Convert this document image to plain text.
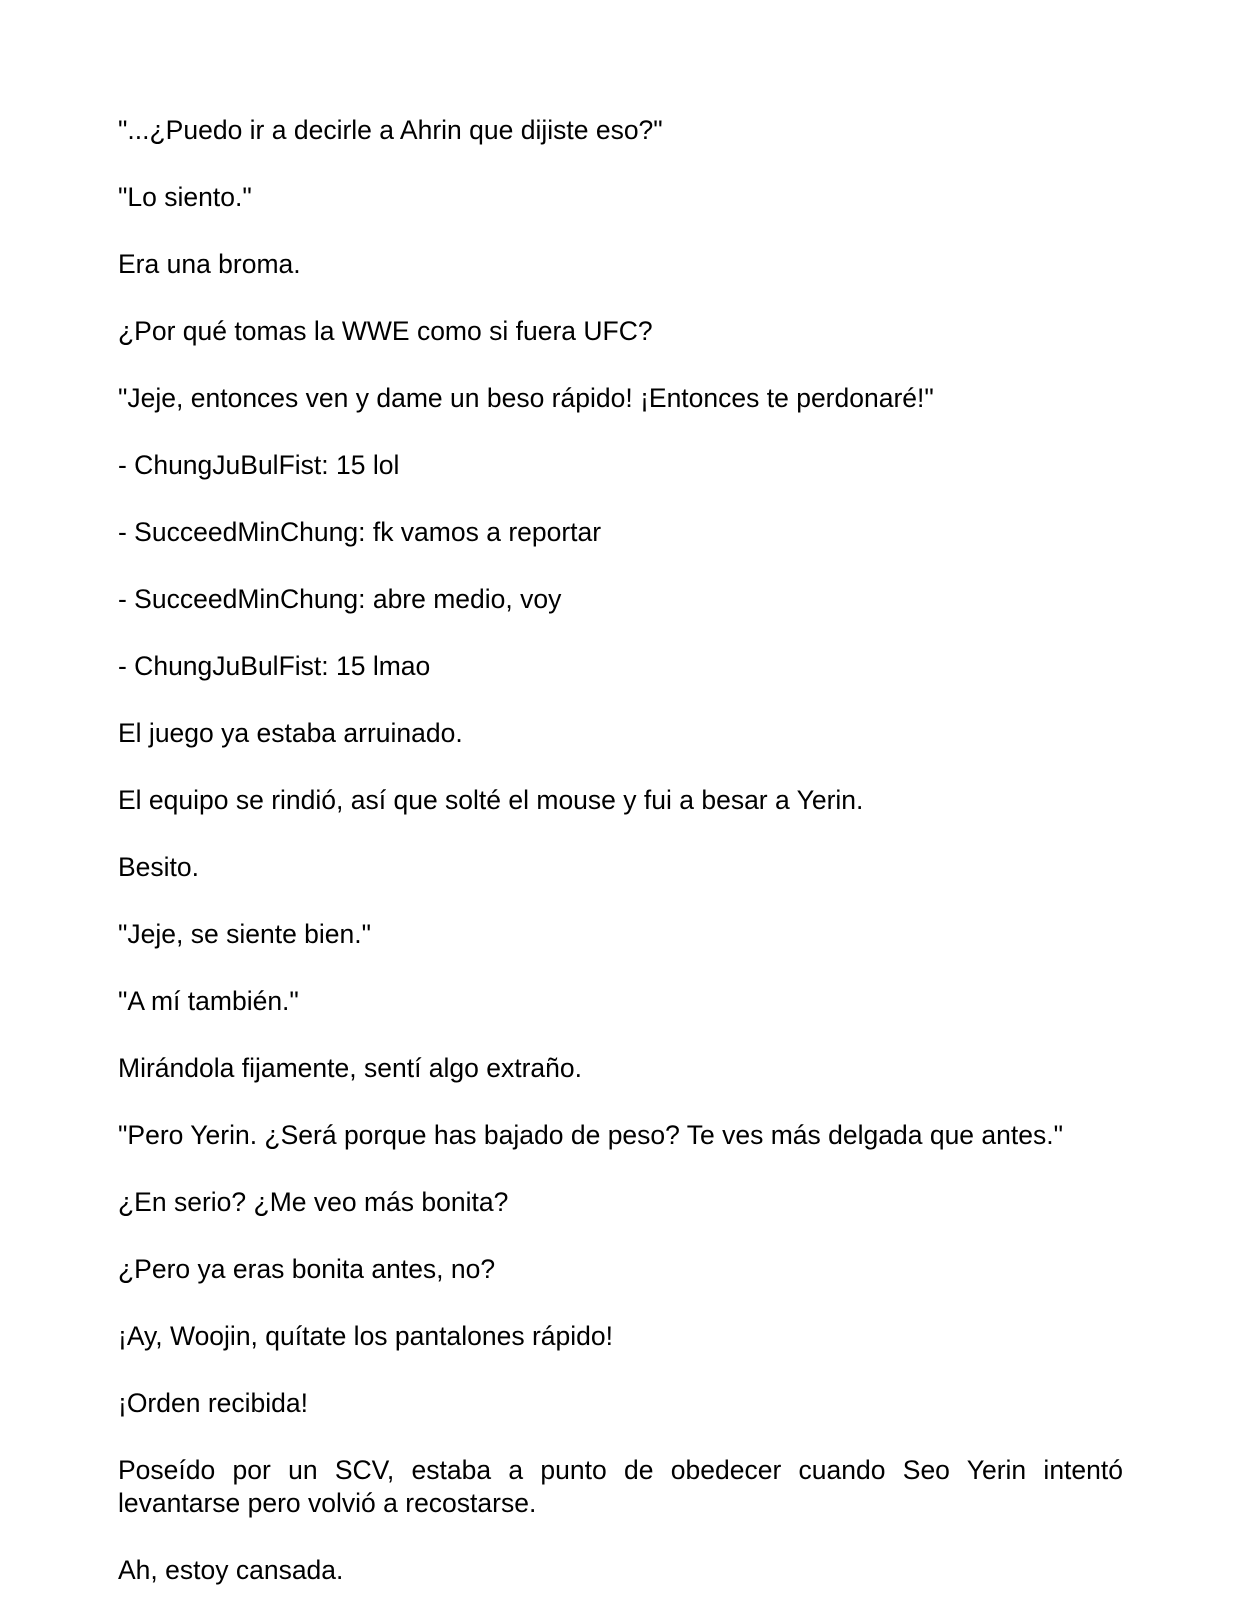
"...¿Puedo ir a decirle a Ahrin que dijiste eso?"

"Lo siento."

Era una broma.

¿Por qué tomas la WWE como si fuera UFC?

"Jeje, entonces ven y dame un beso rápido! ¡Entonces te perdonaré!"

- ChungJuBulFist: 15 lol

- SucceedMinChung: fk vamos a reportar

- SucceedMinChung: abre medio, voy

- ChungJuBulFist: 15 lmao

El juego ya estaba arruinado.

El equipo se rindió, así que solté el mouse y fui a besar a Yerin.

Besito.

"Jeje, se siente bien."

"A mí también."

Mirándola fijamente, sentí algo extraño.

"Pero Yerin. ¿Será porque has bajado de peso? Te ves más delgada que antes."

¿En serio? ¿Me veo más bonita?

¿Pero ya eras bonita antes, no?

¡Ay, Woojin, quítate los pantalones rápido!

¡Orden recibida!

Poseído por un SCV, estaba a punto de obedecer cuando Seo Yerin intentó levantarse pero volvió a recostarse.

Ah, estoy cansada.
